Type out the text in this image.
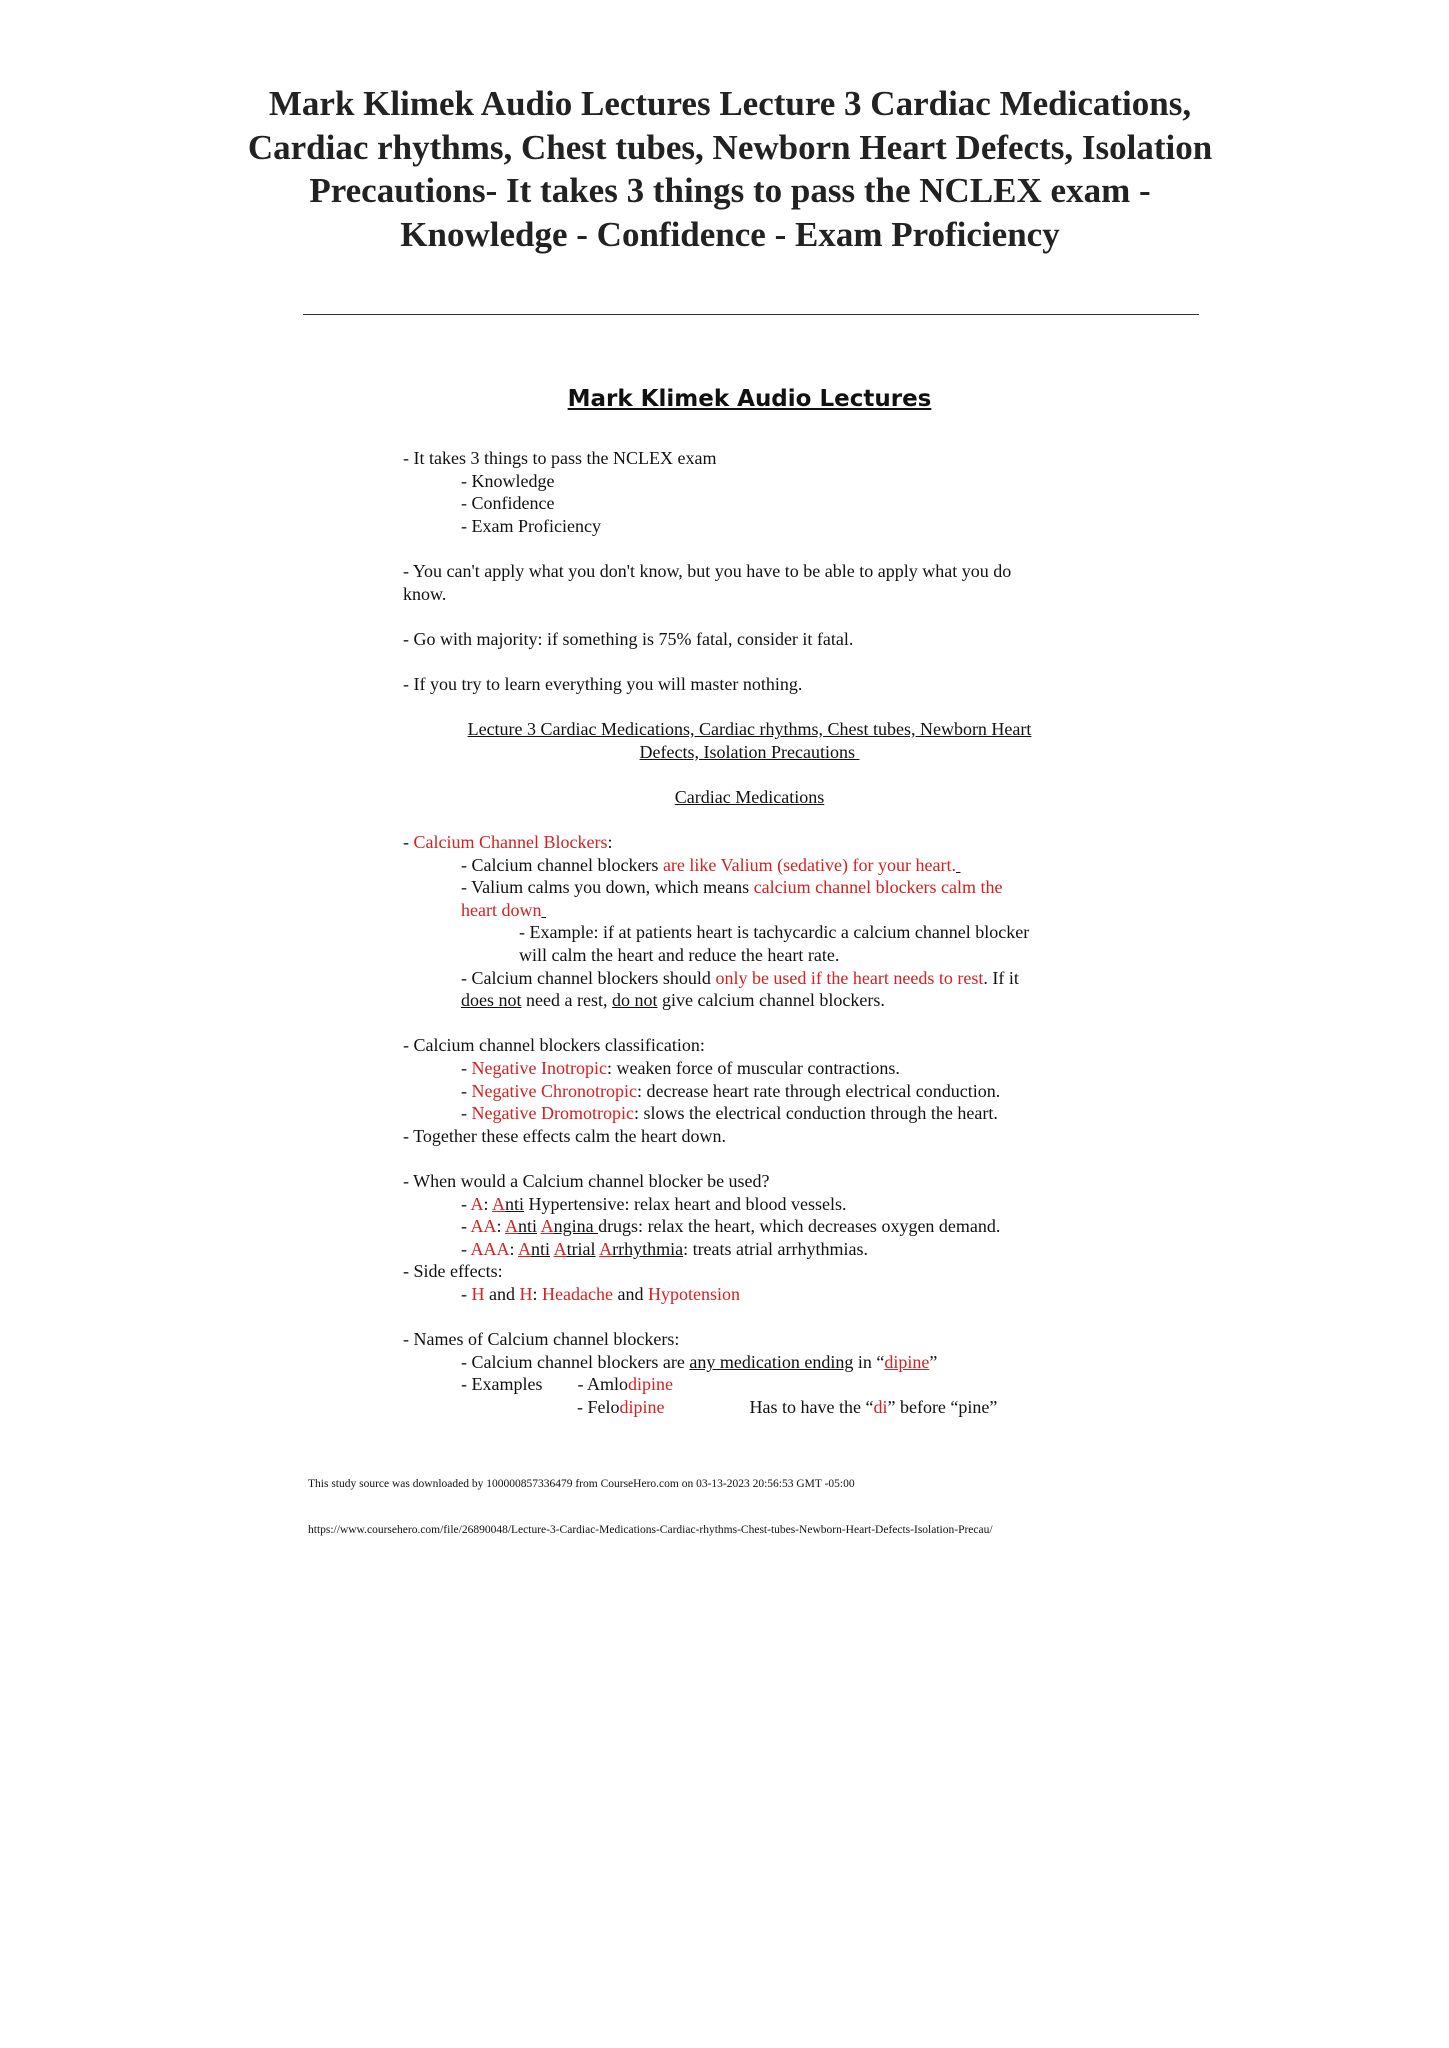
Mark Klimek Audio Lectures Lecture 3 Cardiac Medications, Cardiac rhythms, Chest tubes, Newborn Heart Defects, Isolation Precautions- It takes 3 things to pass the NCLEX exam - Knowledge - Confidence - Exam Proficiency
Mark Klimek Audio Lectures
- It takes 3 things to pass the NCLEX exam
- Knowledge
- Confidence
- Exam Proficiency
- You can't apply what you don't know, but you have to be able to apply what you do
know.
- Go with majority: if something is 75% fatal, consider it fatal.
- If you try to learn everything you will master nothing.
Lecture 3 Cardiac Medications, Cardiac rhythms, Chest tubes, Newborn Heart
Defects, Isolation Precautions
Cardiac Medications
- Calcium Channel Blockers:
- Calcium channel blockers are like Valium (sedative) for your heart.
- Valium calms you down, which means calcium channel blockers calm the
heart down
- Example: if at patients heart is tachycardic a calcium channel blocker
will calm the heart and reduce the heart rate.
- Calcium channel blockers should only be used if the heart needs to rest. If it
does not need a rest, do not give calcium channel blockers.
- Calcium channel blockers classification:
- Negative Inotropic: weaken force of muscular contractions.
- Negative Chronotropic: decrease heart rate through electrical conduction.
- Negative Dromotropic: slows the electrical conduction through the heart.
- Together these effects calm the heart down.
- When would a Calcium channel blocker be used?
- A: Anti Hypertensive: relax heart and blood vessels.
- AA: Anti Angina drugs: relax the heart, which decreases oxygen demand.
- AAA: Anti Atrial Arrhythmia: treats atrial arrhythmias.
- Side effects:
- H and H: Headache and Hypotension
- Names of Calcium channel blockers:
- Calcium channel blockers are any medication ending in “dipine”
- Examples - Amlodipine
- Felodipine	Has to have the “di” before “pine”
This study source was downloaded by 100000857336479 from CourseHero.com on 03-13-2023 20:56:53 GMT -05:00
https://www.coursehero.com/file/26890048/Lecture-3-Cardiac-Medications-Cardiac-rhythms-Chest-tubes-Newborn-Heart-Defects-Isolation-Precau/
